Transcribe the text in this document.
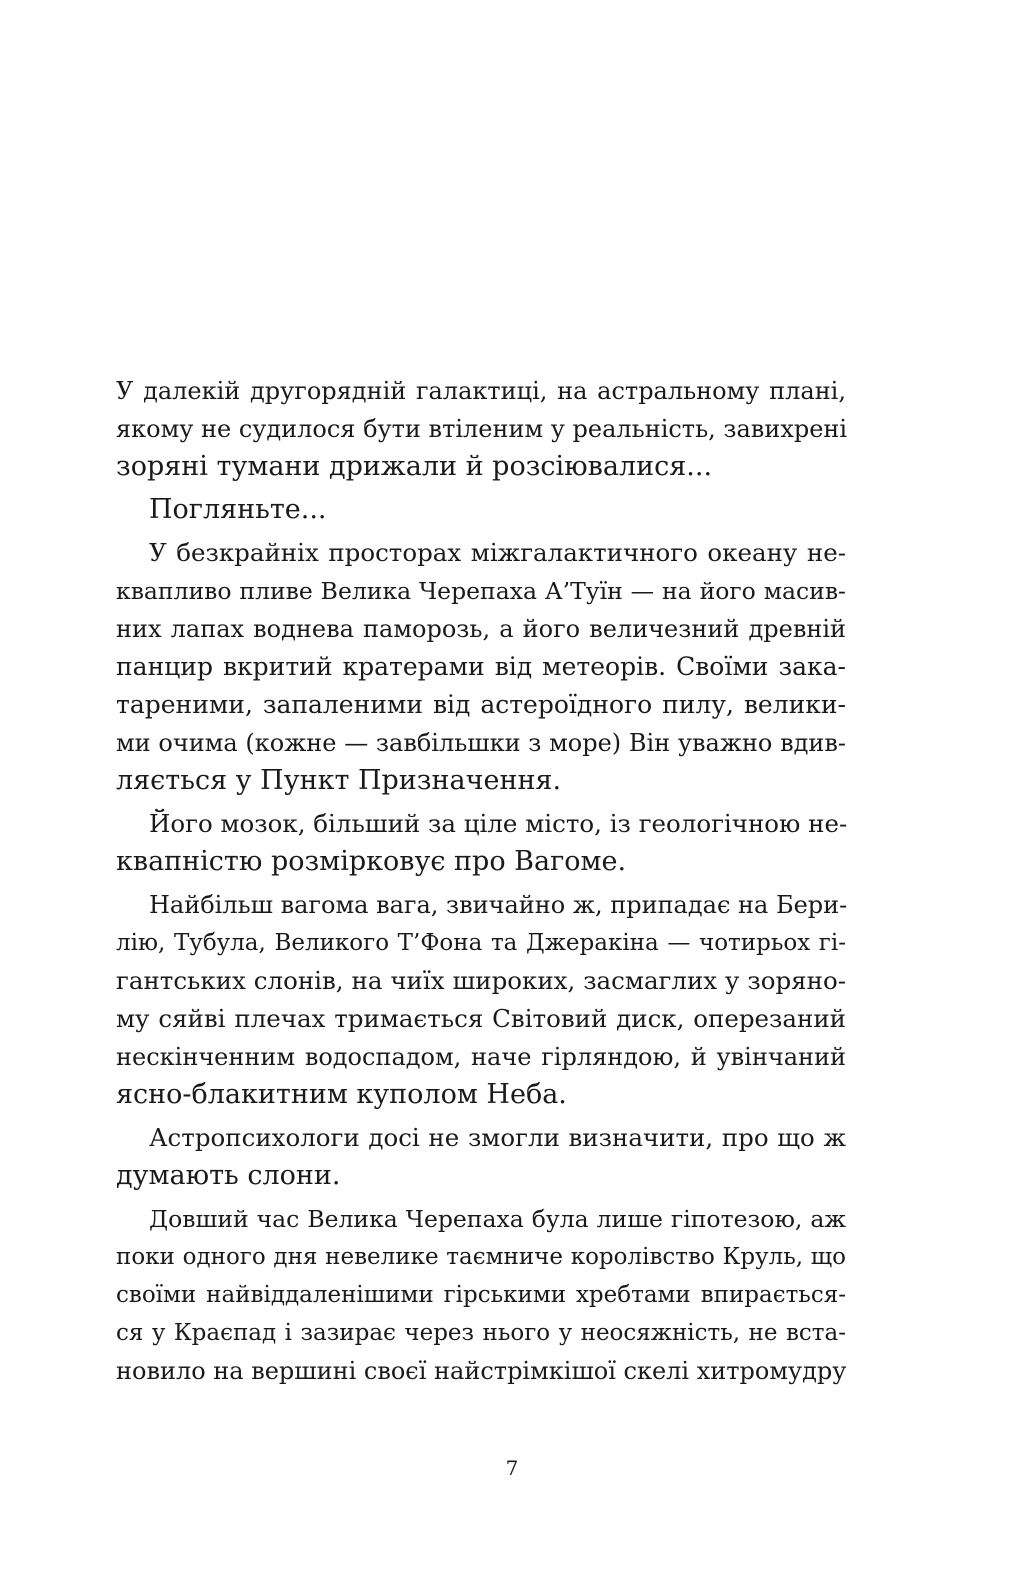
У далекій другорядній галактиці, на астральному плані,
якому не судилося бути втіленим у реальність, завихрені
зоряні тумани дрижали й розсіювалися...
Погляньте...
У безкрайніх просторах міжгалактичного океану не-
квапливо пливе Велика Черепаха А’Туїн — на його масив-
них лапах воднева паморозь, а його величезний древній
панцир вкритий кратерами від метеорів. Своїми зака-
тареними, запаленими від астероїдного пилу, велики-
ми очима (кожне — завбільшки з море) Він уважно вдив-
ляється у Пункт Призначення.
Його мозок, більший за ціле місто, із геологічною не-
квапністю розмірковує про Вагоме.
Найбільш вагома вага, звичайно ж, припадає на Бери-
лію, Тубула, Великого Т’Фона та Джеракіна — чотирьох гі-
гантських слонів, на чиїх широких, засмаглих у зоряно-
му сяйві плечах тримається Світовий диск, оперезаний
нескінченним водоспадом, наче гірляндою, й увінчаний
ясно-блакитним куполом Неба.
Астропсихологи досі не змогли визначити, про що ж
думають слони.
Довший час Велика Черепаха була лише гіпотезою, аж
поки одного дня невелике таємниче королівство Круль, що
своїми найвіддаленішими гірськими хребтами впирається-
ся у Краєпад і зазирає через нього у неосяжність, не вста-
новило на вершині своєї найстрімкішої скелі хитромудру
7
